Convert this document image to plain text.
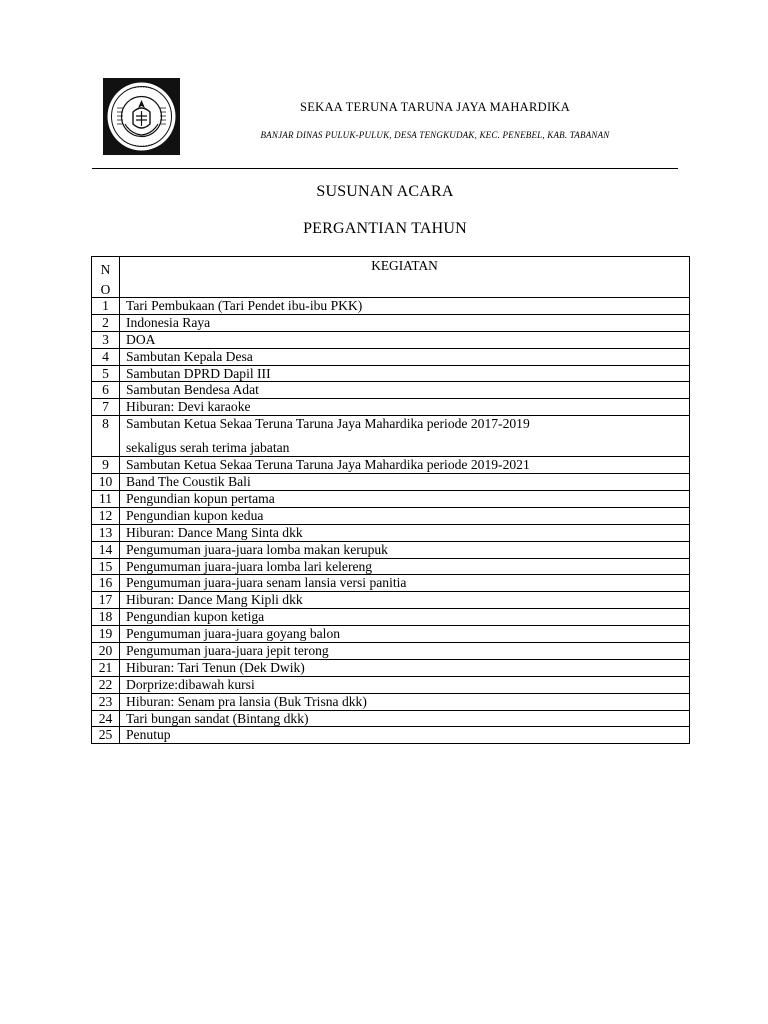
SEKAA TERUNA TARUNA JAYA MAHARDIKA
BANJAR DINAS PULUK-PULUK, DESA TENGKUDAK, KEC. PENEBEL, KAB. TABANAN
SUSUNAN ACARA
PERGANTIAN TAHUN
N
O	KEGIATAN
1	Tari Pembukaan (Tari Pendet ibu-ibu PKK)
2	Indonesia Raya
3	DOA
4	Sambutan Kepala Desa
5	Sambutan DPRD Dapil III
6	Sambutan Bendesa Adat
7	Hiburan: Devi karaoke
8	Sambutan Ketua Sekaa Teruna Taruna Jaya Mahardika periode 2017-2019
sekaligus serah terima jabatan

9	Sambutan Ketua Sekaa Teruna Taruna Jaya Mahardika periode 2019-2021
10	Band The Coustik Bali
11	Pengundian kopun pertama
12	Pengundian kupon kedua
13	Hiburan: Dance Mang Sinta dkk
14	Pengumuman juara-juara lomba makan kerupuk
15	Pengumuman juara-juara lomba lari kelereng
16	Pengumuman juara-juara senam lansia versi panitia
17	Hiburan: Dance Mang Kipli dkk
18	Pengundian kupon ketiga
19	Pengumuman juara-juara goyang balon
20	Pengumuman juara-juara jepit terong
21	Hiburan: Tari Tenun (Dek Dwik)
22	Dorprize:dibawah kursi
23	Hiburan: Senam pra lansia (Buk Trisna dkk)
24	Tari bungan sandat (Bintang dkk)
25	Penutup
